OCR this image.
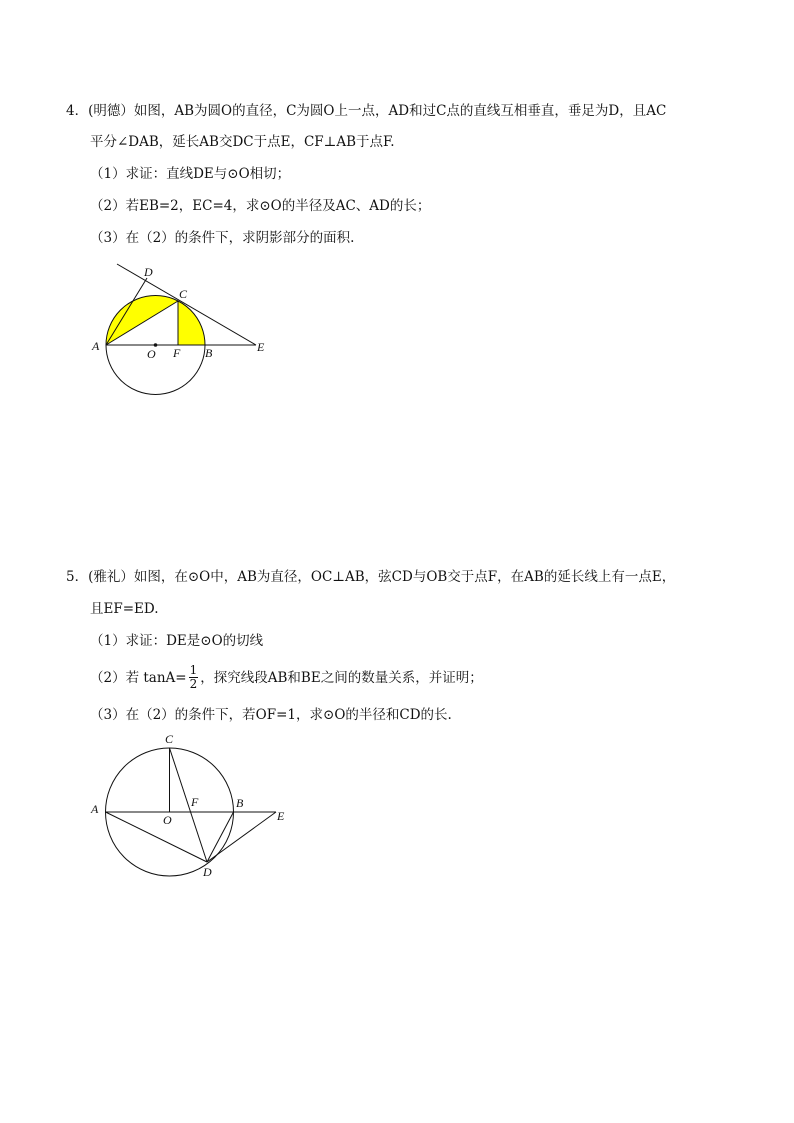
4．(明德）如图，AB为圆O的直径，C为圆O上一点，AD和过C点的直线互相垂直，垂足为D，且AC
平分∠DAB，延长AB交DC于点E，CF⊥AB于点F.
（1）求证：直线DE与⊙O相切；
（2）若EB=2，EC=4，求⊙O的半径及AC、AD的长；
（3）在（2）的条件下，求阴影部分的面积.
D
C
A
O F B	E
5．(雅礼）如图，在⊙O中，AB为直径，OC⊥AB，弦CD与OB交于点F，在AB的延长线上有一点E，
且EF=ED.
（1）求证：DE是⊙O的切线
（2）若 $\tan A= \frac{1}{2}$ ，探究线段AB和BE之间的数量关系，并证明；
（3）在（2）的条件下，若OF=1，求⊙O的半径和CD的长.
C
A	F	B
E
O
D
